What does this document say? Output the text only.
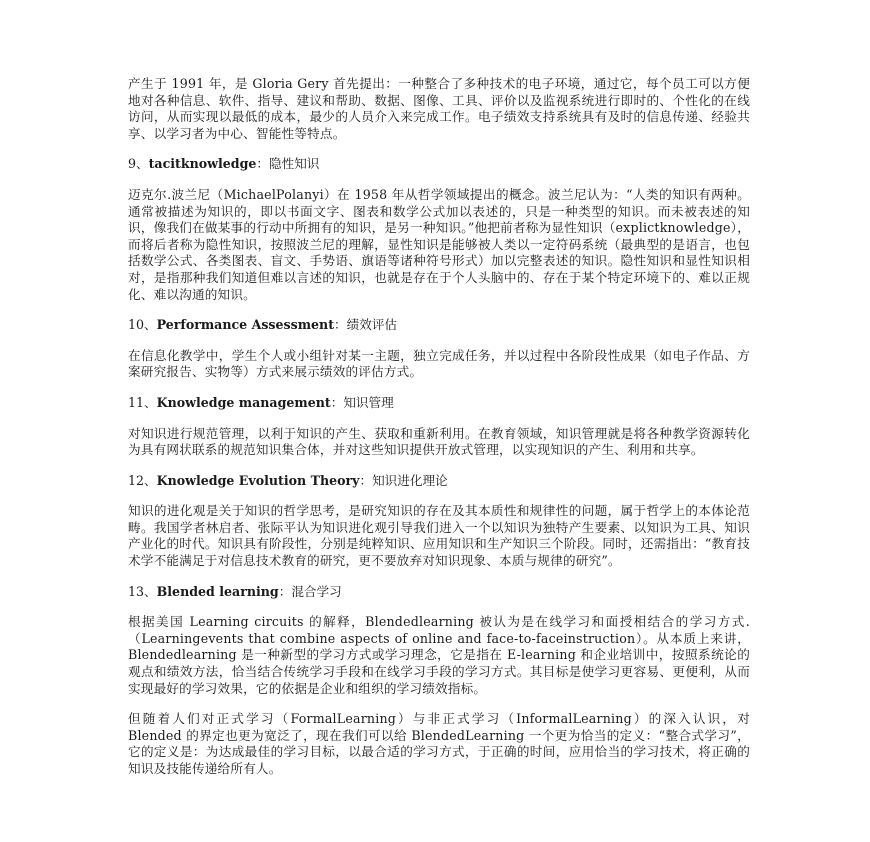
产生于 1991 年，是 Gloria Gery 首先提出：一种整合了多种技术的电子环境，通过它，每个员工可以方便地对各种信息、软件、指导、建议和帮助、数据、图像、工具、评价以及监视系统进行即时的、个性化的在线访问，从而实现以最低的成本，最少的人员介入来完成工作。电子绩效支持系统具有及时的信息传递、经验共享、以学习者为中心、智能性等特点。

9、tacitknowledge：隐性知识

迈克尔.波兰尼（MichaelPolanyi）在 1958 年从哲学领域提出的概念。波兰尼认为：“人类的知识有两种。通常被描述为知识的，即以书面文字、图表和数学公式加以表述的，只是一种类型的知识。而未被表述的知识，像我们在做某事的行动中所拥有的知识，是另一种知识。”他把前者称为显性知识（explictknowledge），而将后者称为隐性知识，按照波兰尼的理解，显性知识是能够被人类以一定符码系统（最典型的是语言，也包括数学公式、各类图表、盲文、手势语、旗语等诸种符号形式）加以完整表述的知识。隐性知识和显性知识相对，是指那种我们知道但难以言述的知识，也就是存在于个人头脑中的、存在于某个特定环境下的、难以正规化、难以沟通的知识。

10、Performance Assessment：绩效评估

在信息化教学中，学生个人或小组针对某一主题，独立完成任务，并以过程中各阶段性成果（如电子作品、方案研究报告、实物等）方式来展示绩效的评估方式。

11、Knowledge management：知识管理

对知识进行规范管理，以利于知识的产生、获取和重新利用。在教育领域，知识管理就是将各种教学资源转化为具有网状联系的规范知识集合体，并对这些知识提供开放式管理，以实现知识的产生、利用和共享。

12、Knowledge Evolution Theory：知识进化理论

知识的进化观是关于知识的哲学思考，是研究知识的存在及其本质性和规律性的问题，属于哲学上的本体论范畴。我国学者林启者、张际平认为知识进化观引导我们进入一个以知识为独特产生要素、以知识为工具、知识产业化的时代。知识具有阶段性，分别是纯粹知识、应用知识和生产知识三个阶段。同时，还需指出：“教育技术学不能满足于对信息技术教育的研究，更不要放弃对知识现象、本质与规律的研究”。

13、Blended learning：混合学习

根据美国 Learning circuits 的解释，Blendedlearning 被认为是在线学习和面授相结合的学习方式.（Learningevents that combine aspects of online and face-to-faceinstruction）。从本质上来讲，Blendedlearning 是一种新型的学习方式或学习理念，它是指在 E-learning 和企业培训中，按照系统论的观点和绩效方法，恰当结合传统学习手段和在线学习手段的学习方式。其目标是使学习更容易、更便利，从而实现最好的学习效果，它的依据是企业和组织的学习绩效指标。

但随着人们对正式学习（FormalLearning）与非正式学习（InformalLearning）的深入认识，对 Blended 的界定也更为宽泛了，现在我们可以给 BlendedLearning 一个更为恰当的定义：“整合式学习”，它的定义是：为达成最佳的学习目标，以最合适的学习方式，于正确的时间，应用恰当的学习技术，将正确的知识及技能传递给所有人。
